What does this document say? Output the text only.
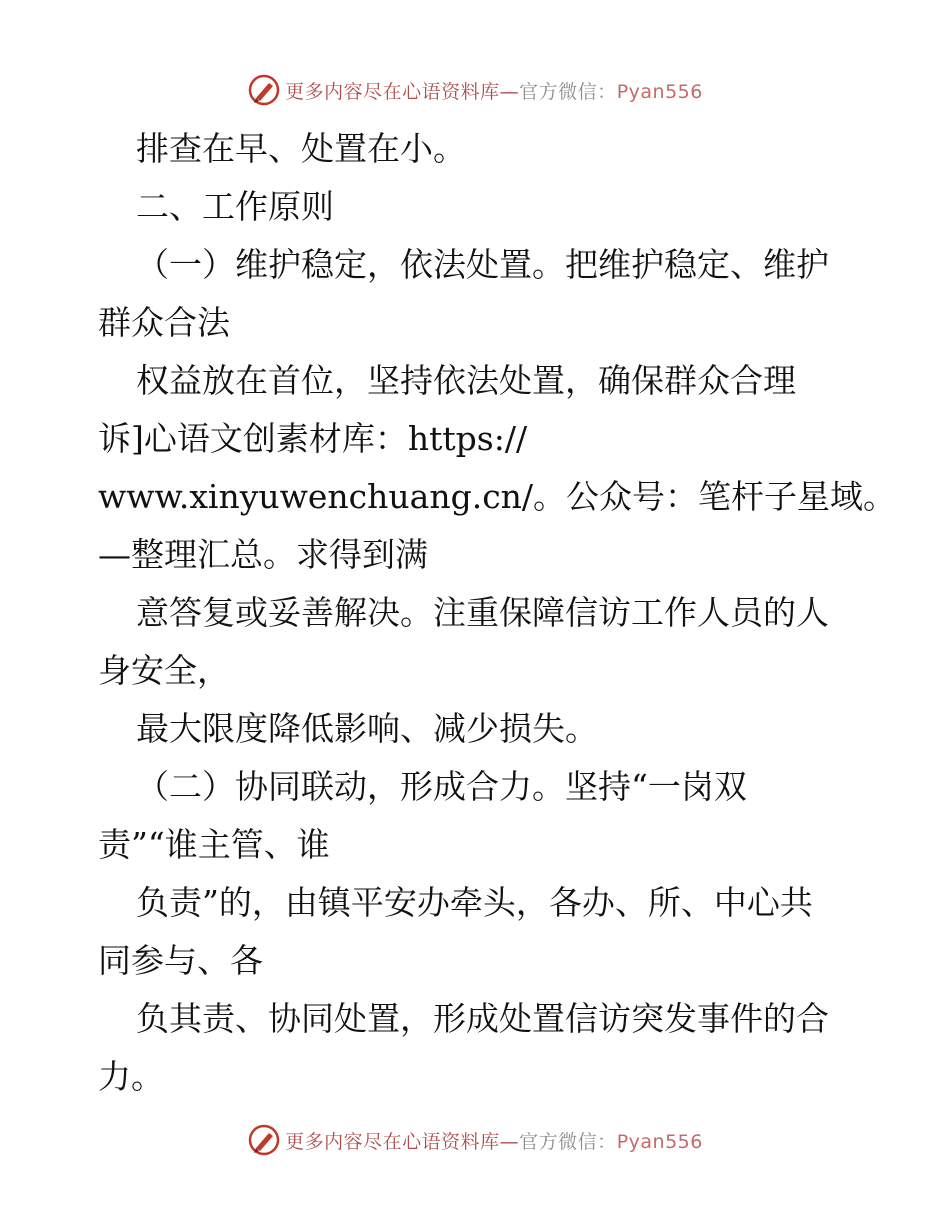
更多内容尽在心语资料库—官方微信：Pyan556
排查在早、处置在小。
二、工作原则
（一）维护稳定，依法处置。把维护稳定、维护
群众合法
权益放在首位，坚持依法处置，确保群众合理
诉]心语文创素材库：https://
www.xinyuwenchuang.cn/。公众号：笔杆子星域。
—整理汇总。求得到满
意答复或妥善解决。注重保障信访工作人员的人
身安全，
最大限度降低影响、减少损失。
（二）协同联动，形成合力。坚持“一岗双
责”“谁主管、谁
负责”的，由镇平安办牵头，各办、所、中心共
同参与、各
负其责、协同处置，形成处置信访突发事件的合
力。
更多内容尽在心语资料库—官方微信：Pyan556
